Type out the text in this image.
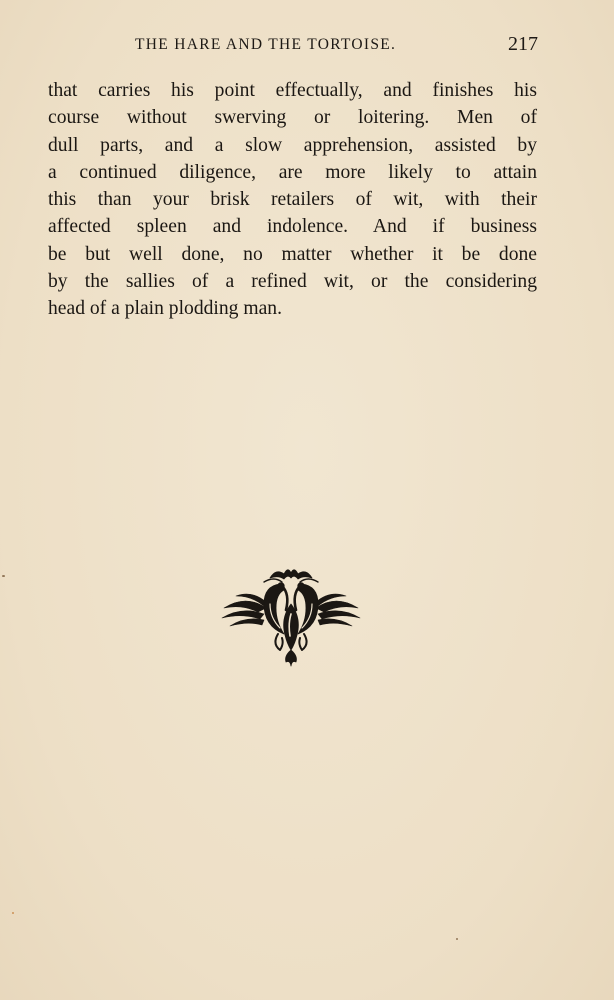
THE HARE AND THE TORTOISE.	217
that carries his point effectually, and finishes his
course without swerving or loitering. Men of
dull parts, and a slow apprehension, assisted by
a continued diligence, are more likely to attain
this than your brisk retailers of wit, with their
affected spleen and indolence. And if business
be but well done, no matter whether it be done
by the sallies of a refined wit, or the considering
head of a plain plodding man.
